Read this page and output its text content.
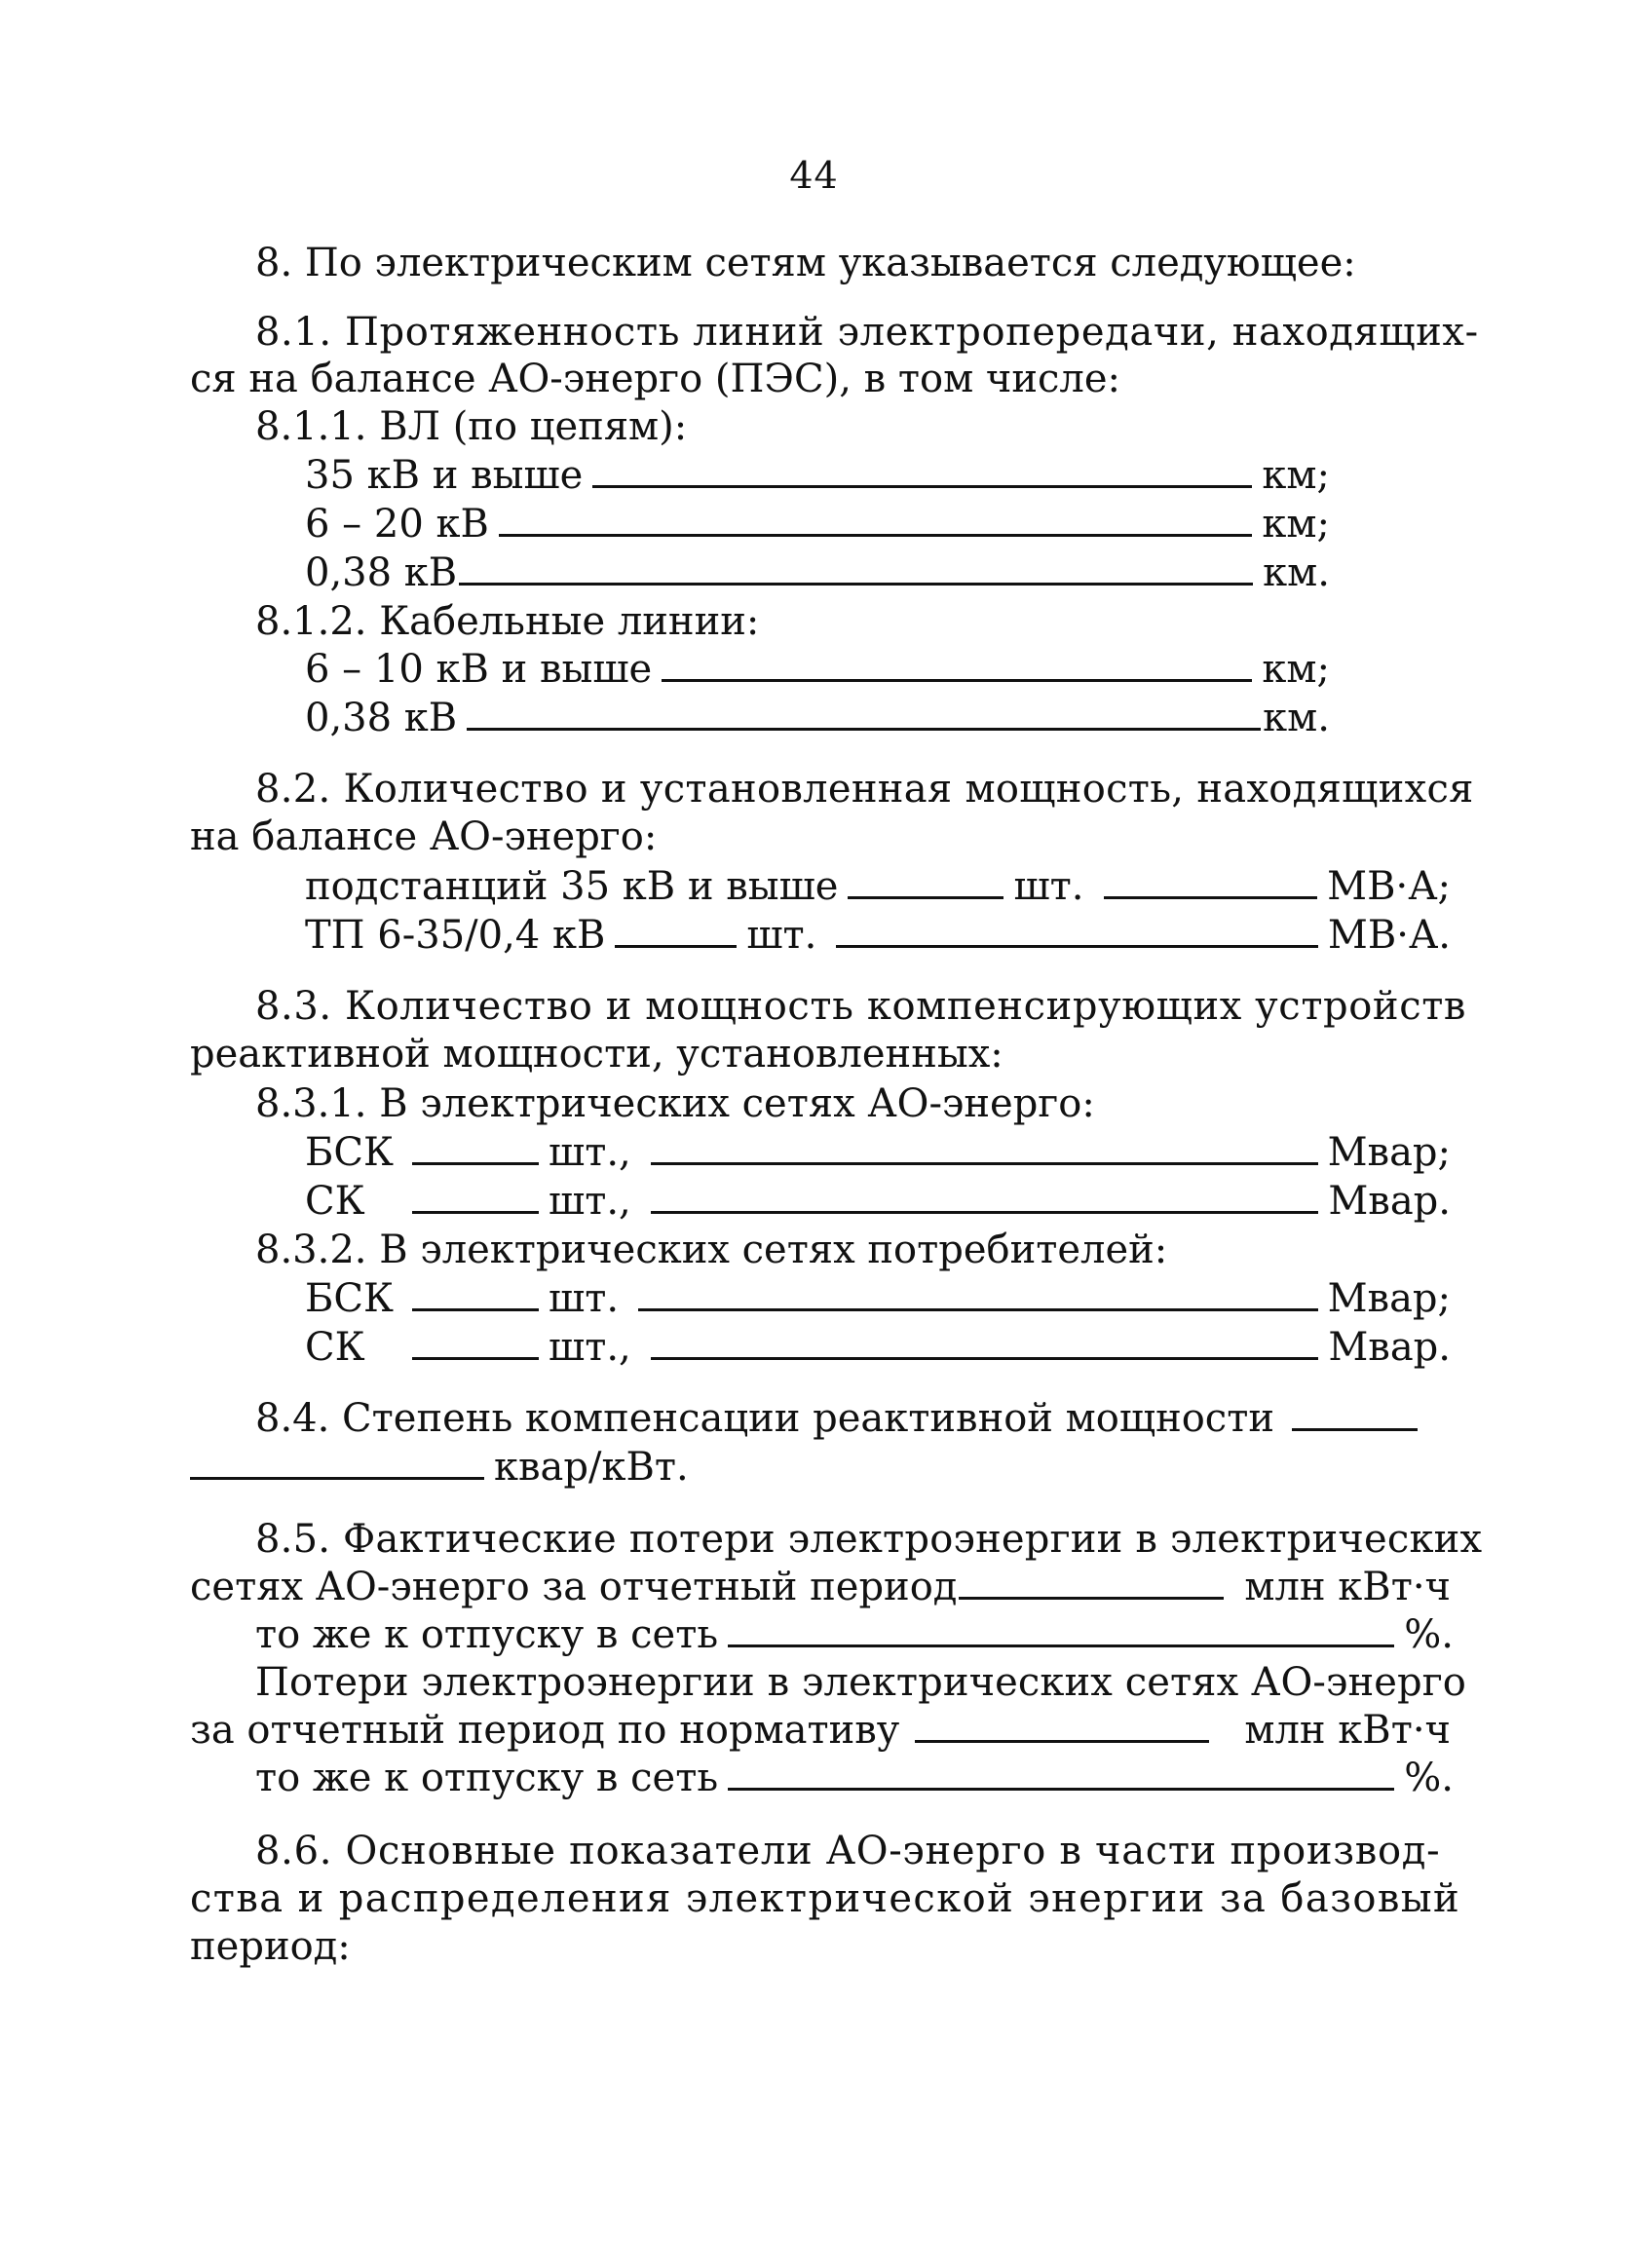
44
8. По электрическим сетям указывается следующее:
8.1. Протяженность линий электропередачи, находящих-
ся на балансе АО-энерго (ПЭС), в том числе:
8.1.1. ВЛ (по цепям):
35 кВ и выше	км;
6 – 20 кВ	км;
0,38 кВ	км.
8.1.2. Кабельные линии:
6 – 10 кВ и выше	км;
0,38 кВ	км.
8.2. Количество и установленная мощность, находящихся
на балансе АО-энерго:
подстанций 35 кВ и выше	шт.	МВ·А;
ТП 6-35/0,4 кВ	шт.	МВ·А.
8.3. Количество и мощность компенсирующих устройств
реактивной мощности, установленных:
8.3.1. В электрических сетях АО-энерго:
БСК	шт.,	Мвар;
СК	шт.,	Мвар.
8.3.2. В электрических сетях потребителей:
БСК	шт.	Мвар;
СК	шт.,	Мвар.
8.4. Степень компенсации реактивной мощности
квар/кВт.
8.5. Фактические потери электроэнергии в электрических
сетях АО-энерго за отчетный период	млн кВт·ч
то же к отпуску в сеть	%.
Потери электроэнергии в электрических сетях АО-энерго
за отчетный период по нормативу	млн кВт·ч
то же к отпуску в сеть	%.
8.6. Основные показатели АО-энерго в части производ-
ства и распределения электрической энергии за базовый
период:
